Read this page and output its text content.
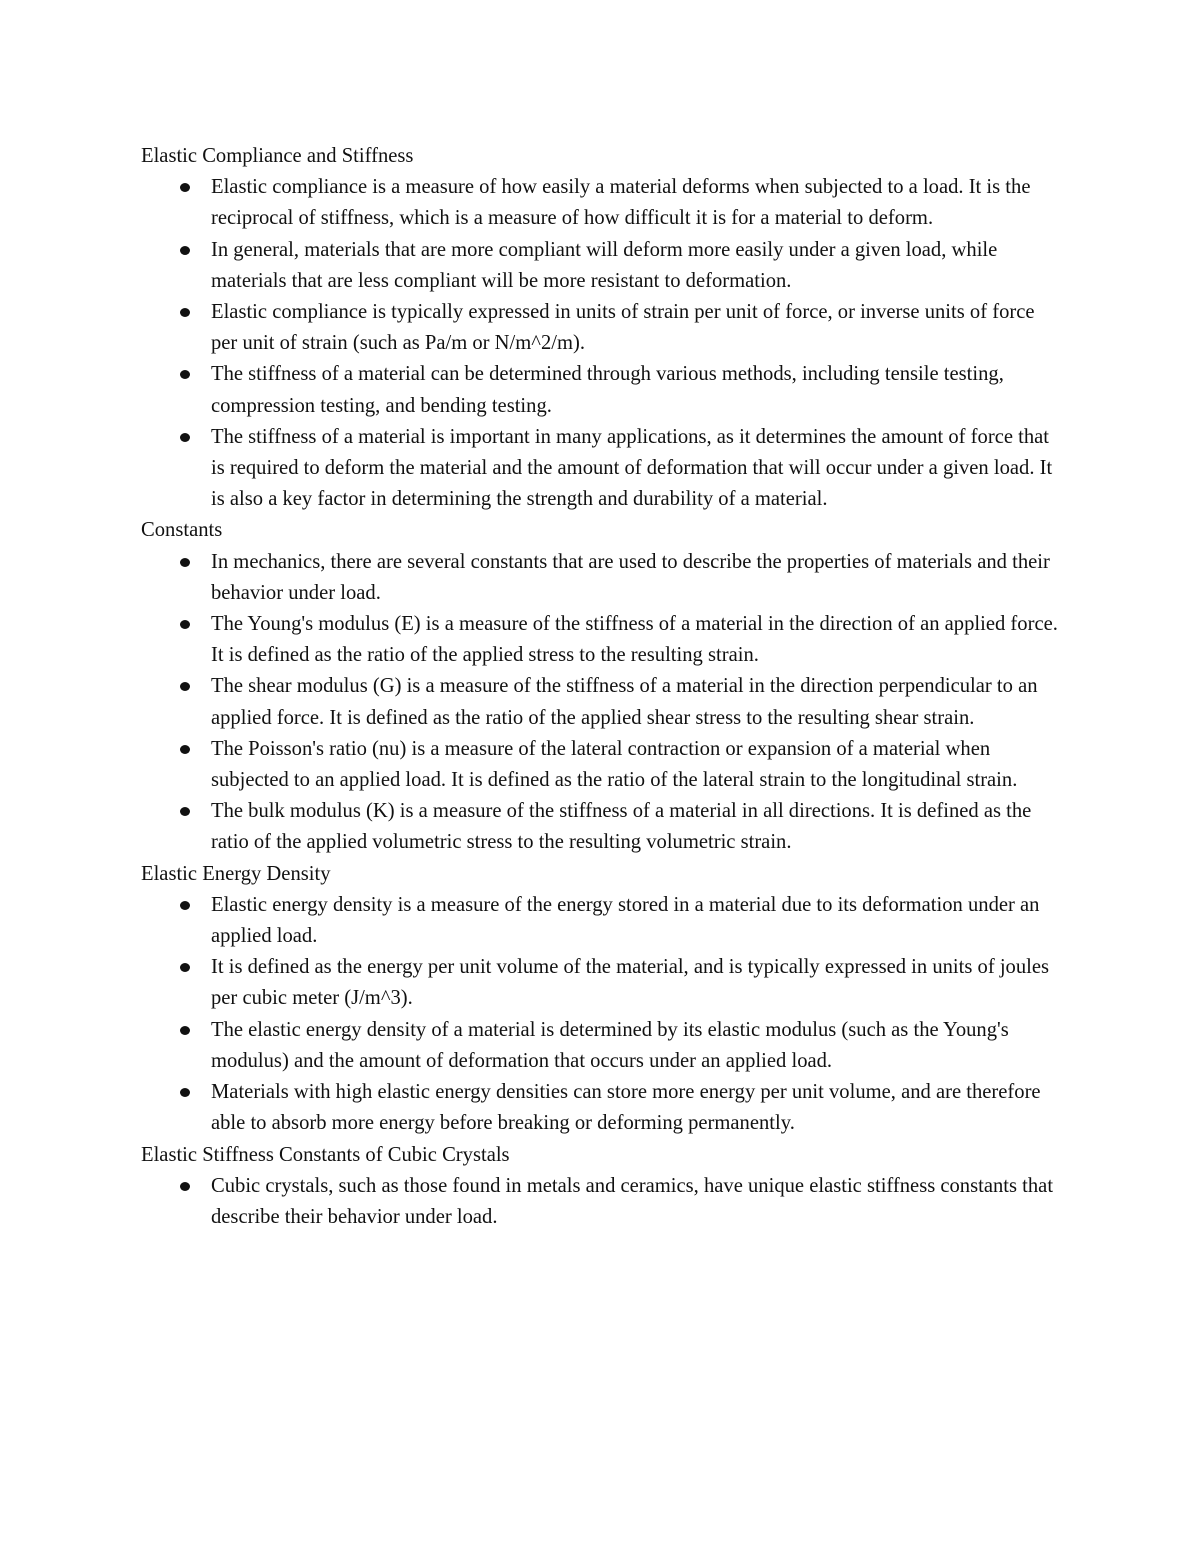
Elastic Compliance and Stiffness
Elastic compliance is a measure of how easily a material deforms when subjected to a load. It is the reciprocal of stiffness, which is a measure of how difficult it is for a material to deform.
In general, materials that are more compliant will deform more easily under a given load, while materials that are less compliant will be more resistant to deformation.
Elastic compliance is typically expressed in units of strain per unit of force, or inverse units of force per unit of strain (such as Pa/m or N/m^2/m).
The stiffness of a material can be determined through various methods, including tensile testing, compression testing, and bending testing.
The stiffness of a material is important in many applications, as it determines the amount of force that is required to deform the material and the amount of deformation that will occur under a given load. It is also a key factor in determining the strength and durability of a material.
Constants
In mechanics, there are several constants that are used to describe the properties of materials and their behavior under load.
The Young's modulus (E) is a measure of the stiffness of a material in the direction of an applied force. It is defined as the ratio of the applied stress to the resulting strain.
The shear modulus (G) is a measure of the stiffness of a material in the direction perpendicular to an applied force. It is defined as the ratio of the applied shear stress to the resulting shear strain.
The Poisson's ratio (nu) is a measure of the lateral contraction or expansion of a material when subjected to an applied load. It is defined as the ratio of the lateral strain to the longitudinal strain.
The bulk modulus (K) is a measure of the stiffness of a material in all directions. It is defined as the ratio of the applied volumetric stress to the resulting volumetric strain.
Elastic Energy Density
Elastic energy density is a measure of the energy stored in a material due to its deformation under an applied load.
It is defined as the energy per unit volume of the material, and is typically expressed in units of joules per cubic meter (J/m^3).
The elastic energy density of a material is determined by its elastic modulus (such as the Young's modulus) and the amount of deformation that occurs under an applied load.
Materials with high elastic energy densities can store more energy per unit volume, and are therefore able to absorb more energy before breaking or deforming permanently.
Elastic Stiffness Constants of Cubic Crystals
Cubic crystals, such as those found in metals and ceramics, have unique elastic stiffness constants that describe their behavior under load.
